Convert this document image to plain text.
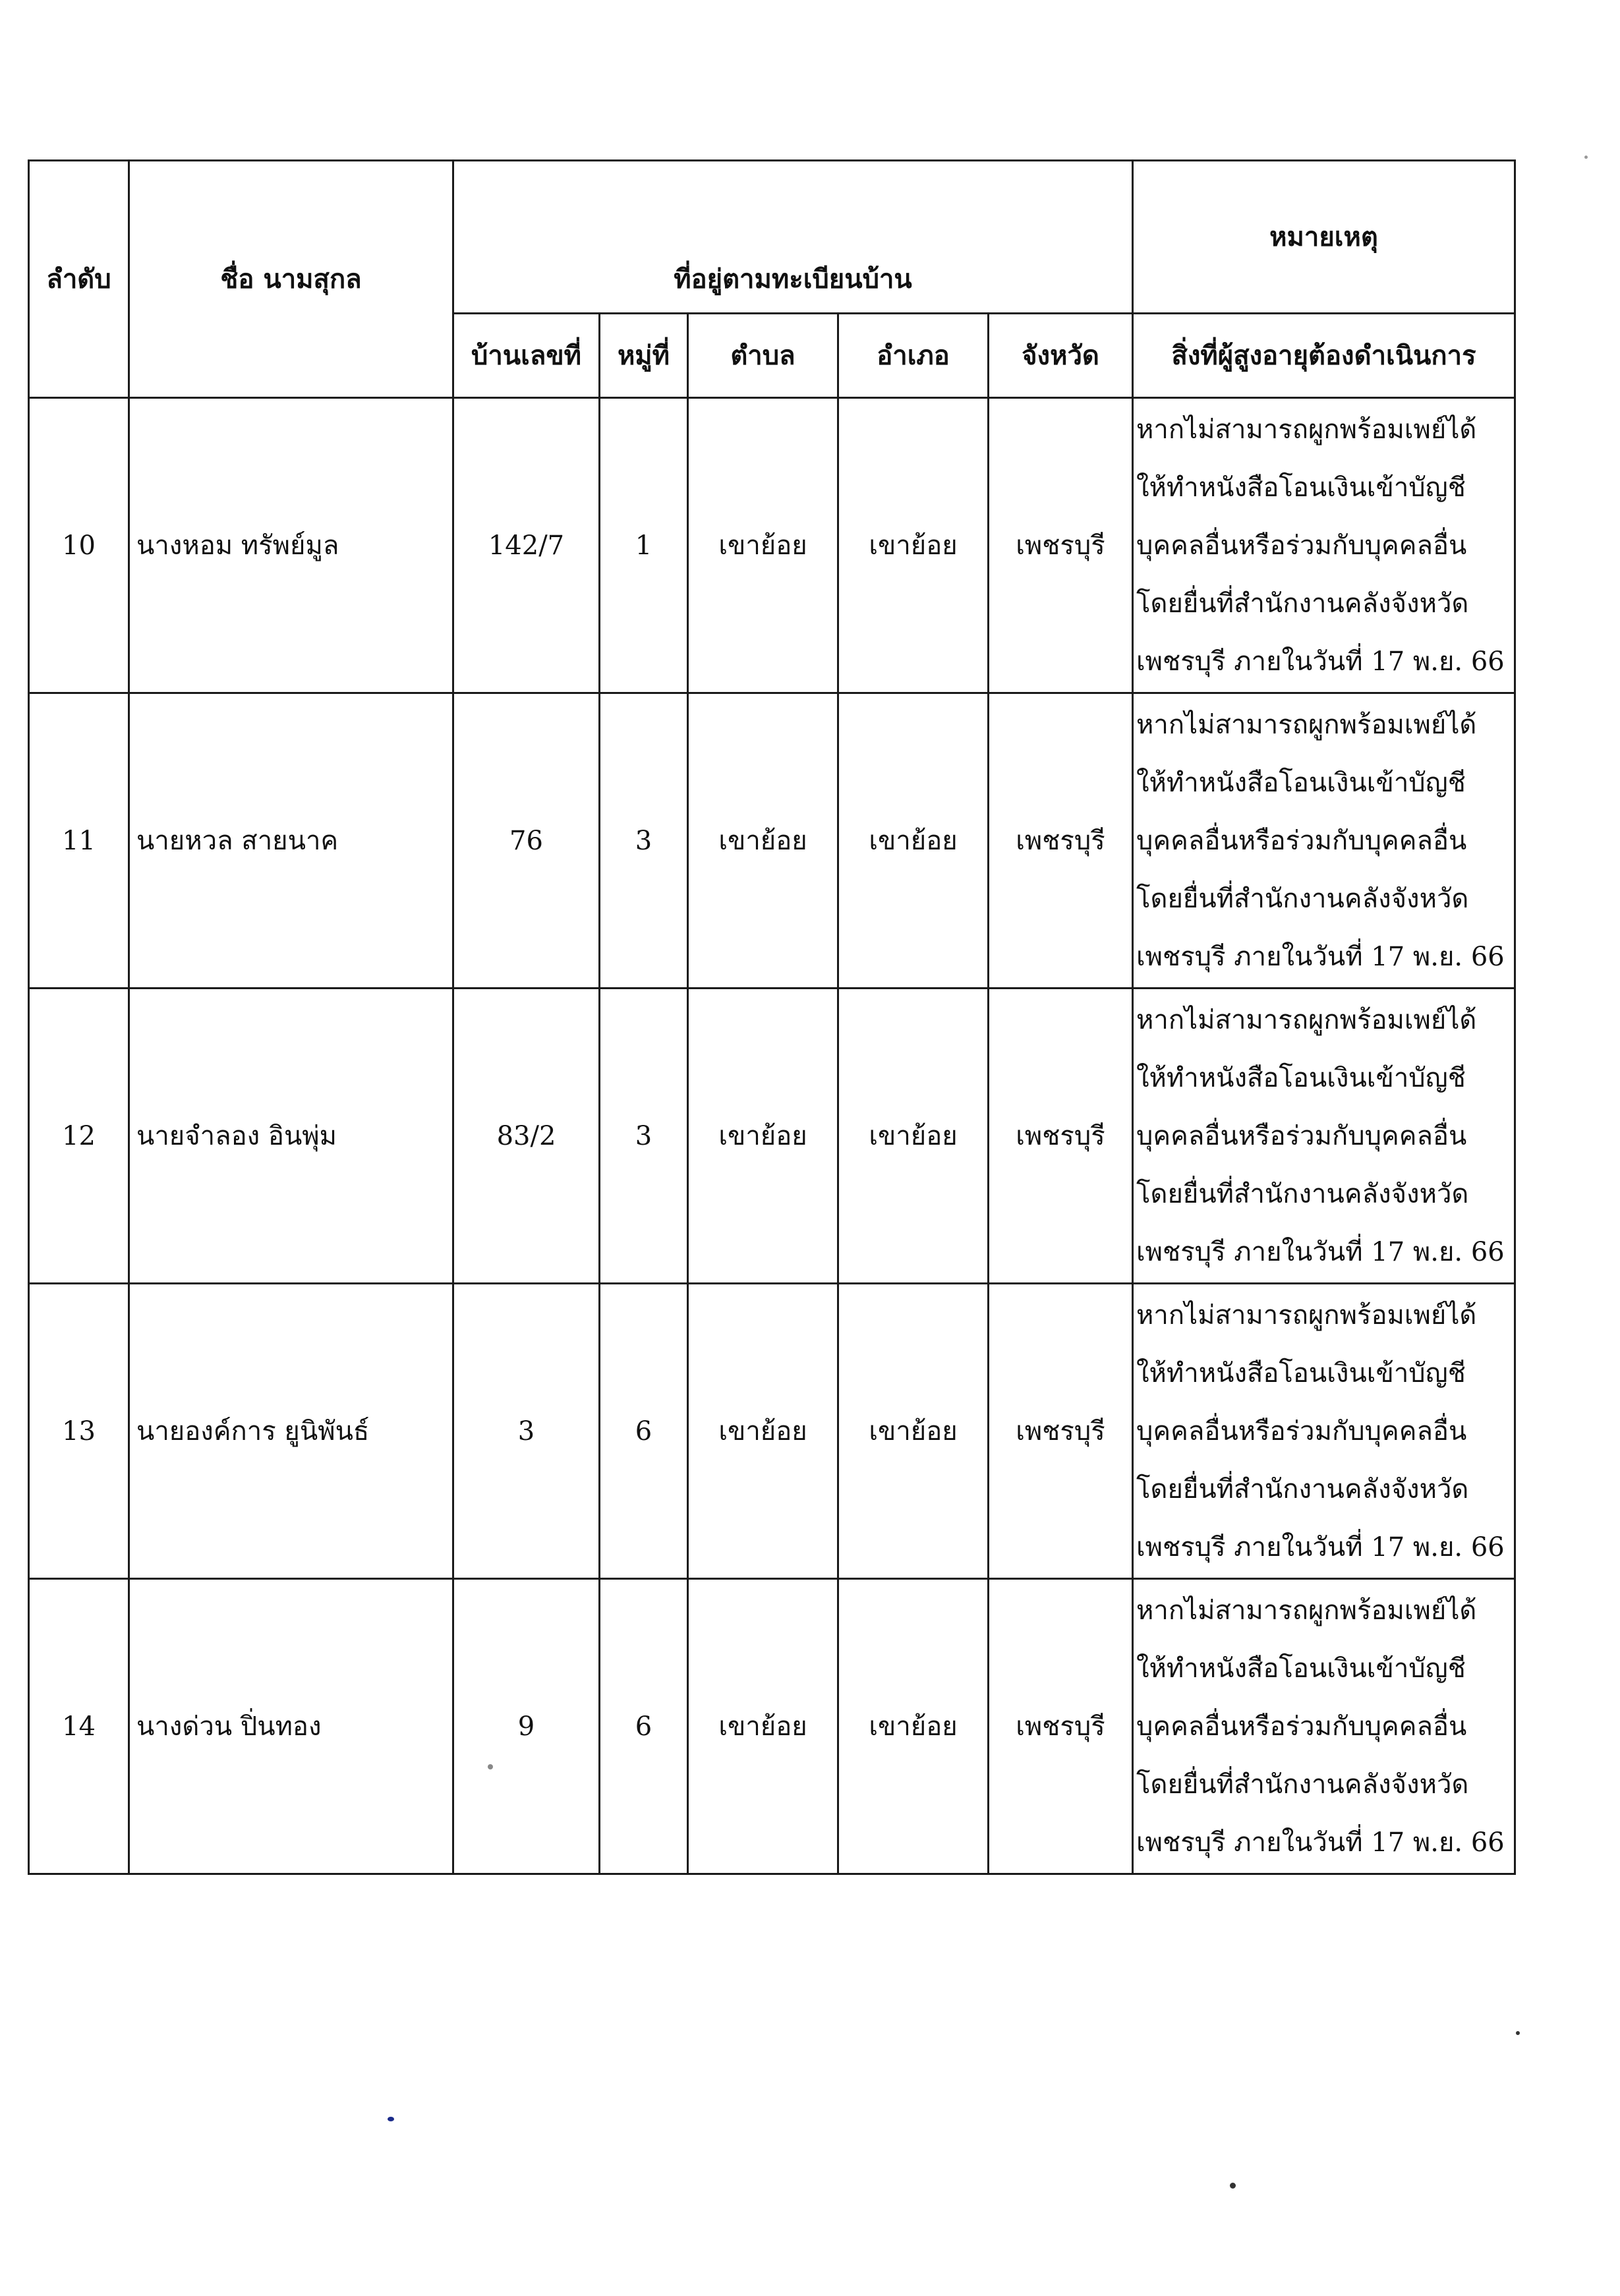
ลำดับ	ชื่อ นามสุกล	ที่อยู่ตามทะเบียนบ้าน					หมายเหตุ
		บ้านเลขที่	หมู่ที่	ตำบล	อำเภอ	จังหวัด	สิ่งที่ผู้สูงอายุต้องดำเนินการ
10	นางหอม ทรัพย์มูล	142/7	1	เขาย้อย	เขาย้อย	เพชรบุรี	หากไม่สามารถผูกพร้อมเพย์ได้
ให้ทำหนังสือโอนเงินเข้าบัญชี
บุคคลอื่นหรือร่วมกับบุคคลอื่น
โดยยื่นที่สำนักงานคลังจังหวัด
เพชรบุรี ภายในวันที่ 17 พ.ย. 66

11	นายหวล สายนาค	76	3	เขาย้อย	เขาย้อย	เพชรบุรี	หากไม่สามารถผูกพร้อมเพย์ได้
ให้ทำหนังสือโอนเงินเข้าบัญชี
บุคคลอื่นหรือร่วมกับบุคคลอื่น
โดยยื่นที่สำนักงานคลังจังหวัด
เพชรบุรี ภายในวันที่ 17 พ.ย. 66

12	นายจำลอง อินพุ่ม	83/2	3	เขาย้อย	เขาย้อย	เพชรบุรี	หากไม่สามารถผูกพร้อมเพย์ได้
ให้ทำหนังสือโอนเงินเข้าบัญชี
บุคคลอื่นหรือร่วมกับบุคคลอื่น
โดยยื่นที่สำนักงานคลังจังหวัด
เพชรบุรี ภายในวันที่ 17 พ.ย. 66

13	นายองค์การ ยูนิพันธ์	3	6	เขาย้อย	เขาย้อย	เพชรบุรี	หากไม่สามารถผูกพร้อมเพย์ได้
ให้ทำหนังสือโอนเงินเข้าบัญชี
บุคคลอื่นหรือร่วมกับบุคคลอื่น
โดยยื่นที่สำนักงานคลังจังหวัด
เพชรบุรี ภายในวันที่ 17 พ.ย. 66

14	นางด่วน ปิ่นทอง	9	6	เขาย้อย	เขาย้อย	เพชรบุรี	หากไม่สามารถผูกพร้อมเพย์ได้
ให้ทำหนังสือโอนเงินเข้าบัญชี
บุคคลอื่นหรือร่วมกับบุคคลอื่น
โดยยื่นที่สำนักงานคลังจังหวัด
เพชรบุรี ภายในวันที่ 17 พ.ย. 66
